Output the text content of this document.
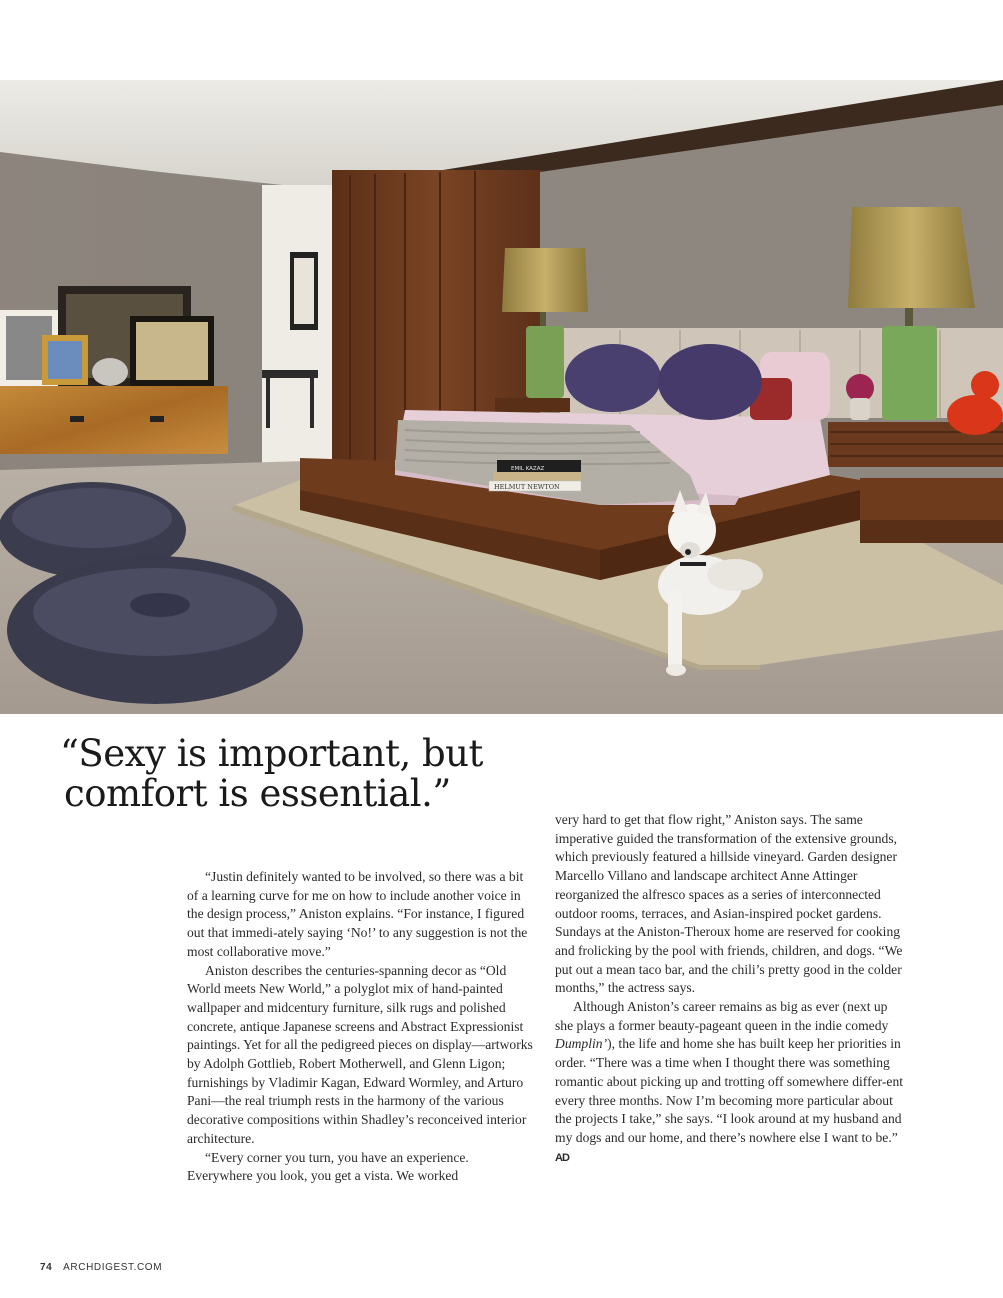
EMIL KAZAZ
HELMUT NEWTON
“Sexy is important, but
comfort is essential.”

“Justin definitely wanted to be involved, so there was a bit of a learning curve for me on how to include another voice in the design process,” Aniston explains. “For instance, I figured out that immedi-ately saying ‘No!’ to any suggestion is not the most collaborative move.”

Aniston describes the centuries-spanning decor as “Old World meets New World,” a polyglot mix of hand-painted wallpaper and midcentury furniture, silk rugs and polished concrete, antique Japanese screens and Abstract Expressionist paintings. Yet for all the pedigreed pieces on display—artworks by Adolph Gottlieb, Robert Motherwell, and Glenn Ligon; furnishings by Vladimir Kagan, Edward Wormley, and Arturo Pani—the real triumph rests in the harmony of the various decorative compositions within Shadley’s reconceived interior architecture.

“Every corner you turn, you have an experience. Everywhere you look, you get a vista. We worked

very hard to get that flow right,” Aniston says. The same imperative guided the transformation of the extensive grounds, which previously featured a hillside vineyard. Garden designer Marcello Villano and landscape architect Anne Attinger reorganized the alfresco spaces as a series of interconnected outdoor rooms, terraces, and Asian-inspired pocket gardens. Sundays at the Aniston-Theroux home are reserved for cooking and frolicking by the pool with friends, children, and dogs. “We put out a mean taco bar, and the chili’s pretty good in the colder months,” the actress says.

Although Aniston’s career remains as big as ever (next up she plays a former beauty-pageant queen in the indie comedy Dumplin’), the life and home she has built keep her priorities in order. “There was a time when I thought there was something romantic about picking up and trotting off somewhere differ-ent every three months. Now I’m becoming more particular about the projects I take,” she says. “I look around at my husband and my dogs and our home, and there’s nowhere else I want to be.” AD

74 ARCHDIGEST.COM
